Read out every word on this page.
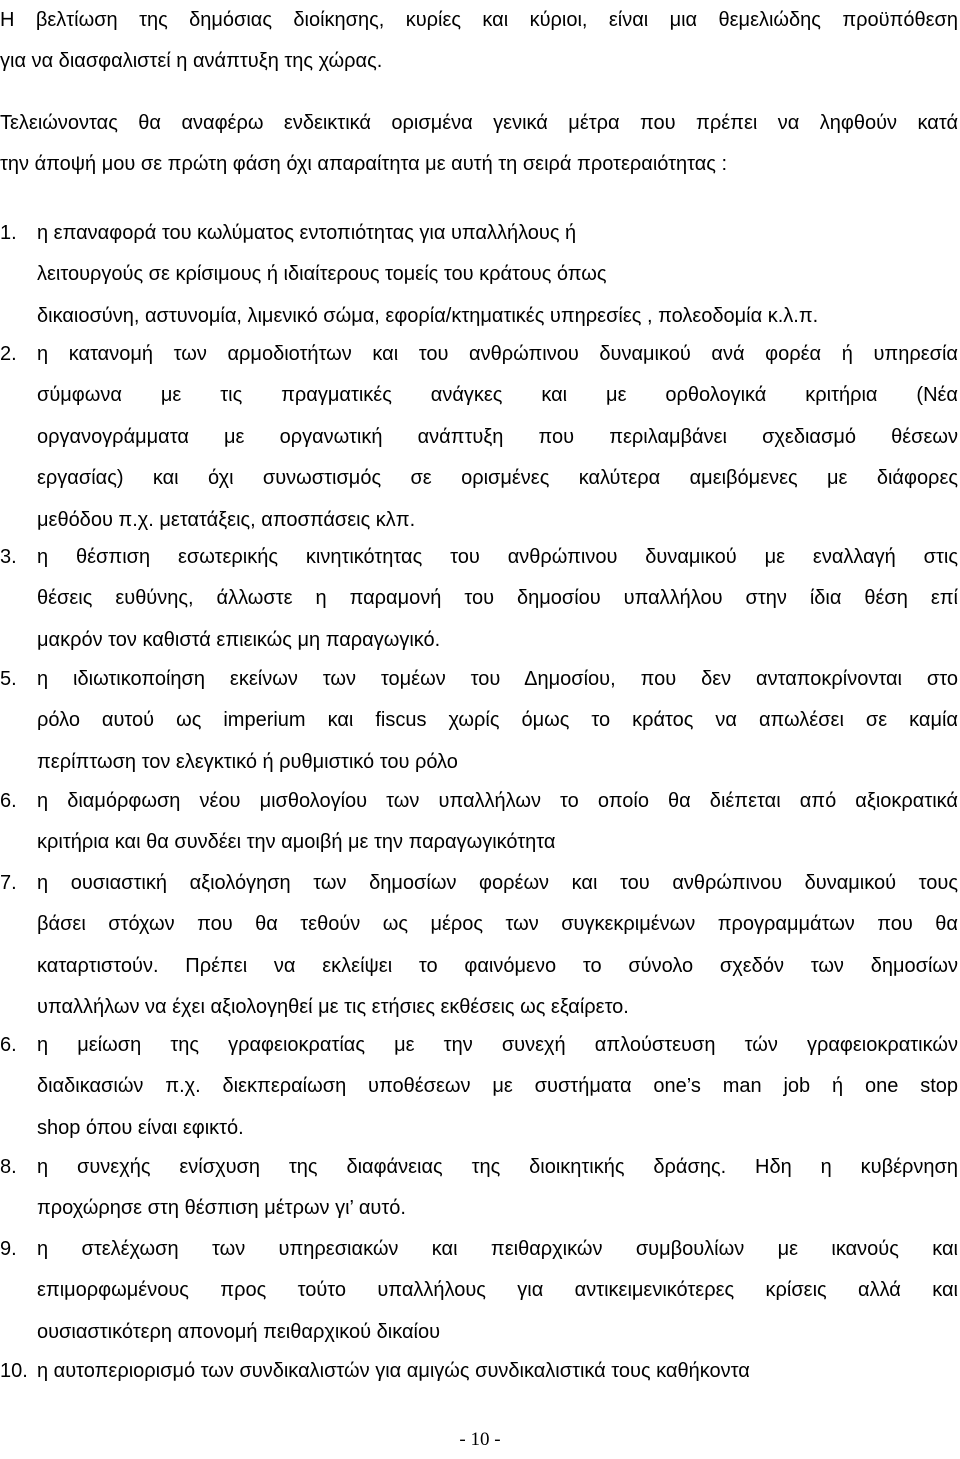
Η βελτίωση της δημόσιας διοίκησης, κυρίες και κύριοι, είναι μια θεμελιώδης προϋπόθεση
για να διασφαλιστεί η ανάπτυξη της χώρας.
Τελειώνοντας θα αναφέρω ενδεικτικά ορισμένα γενικά μέτρα που πρέπει να ληφθούν κατά
την άποψή μου σε πρώτη φάση όχι απαραίτητα με αυτή τη σειρά προτεραιότητας :
1. η επαναφορά του κωλύματος εντοπιότητας για υπαλλήλους ή
λειτουργούς σε κρίσιμους ή ιδιαίτερους τομείς του κράτους όπως
δικαιοσύνη, αστυνομία, λιμενικό σώμα, εφορία/κτηματικές υπηρεσίες , πολεοδομία κ.λ.π.
2. η κατανομή των αρμοδιοτήτων και του ανθρώπινου δυναμικού ανά φορέα ή υπηρεσία
σύμφωνα με τις πραγματικές ανάγκες και με ορθολογικά κριτήρια (Νέα
οργανογράμματα με οργανωτική ανάπτυξη που περιλαμβάνει σχεδιασμό θέσεων
εργασίας) και όχι συνωστισμός σε ορισμένες καλύτερα αμειβόμενες με διάφορες
μεθόδου π.χ. μετατάξεις, αποσπάσεις κλπ.
3. η θέσπιση εσωτερικής κινητικότητας του ανθρώπινου δυναμικού με εναλλαγή στις
θέσεις ευθύνης, άλλωστε η παραμονή του δημοσίου υπαλλήλου στην ίδια θέση επί
μακρόν τον καθιστά επιεικώς μη παραγωγικό.
5. η ιδιωτικοποίηση εκείνων των τομέων του Δημοσίου, που δεν ανταποκρίνονται στο
ρόλο αυτού ως imperium και fiscus χωρίς όμως το κράτος να απωλέσει σε καμία
περίπτωση τον ελεγκτικό ή ρυθμιστικό του ρόλο
6. η διαμόρφωση νέου μισθολογίου των υπαλλήλων το οποίο θα διέπεται από αξιοκρατικά
κριτήρια και θα συνδέει την αμοιβή με την παραγωγικότητα
7. η ουσιαστική αξιολόγηση των δημοσίων φορέων και του ανθρώπινου δυναμικού τους
βάσει στόχων που θα τεθούν ως μέρος των συγκεκριμένων προγραμμάτων που θα
καταρτιστούν. Πρέπει να εκλείψει το φαινόμενο το σύνολο σχεδόν των δημοσίων
υπαλλήλων να έχει αξιολογηθεί με τις ετήσιες εκθέσεις ως εξαίρετο.
6. η μείωση της γραφειοκρατίας με την συνεχή απλούστευση τών γραφειοκρατικών
διαδικασιών π.χ. διεκπεραίωση υποθέσεων με συστήματα one’s man job ή one stop
shop όπου είναι εφικτό.
8. η συνεχής ενίσχυση της διαφάνειας της διοικητικής δράσης. Ηδη η κυβέρνηση
προχώρησε στη θέσπιση μέτρων γι’ αυτό.
9. η στελέχωση των υπηρεσιακών και πειθαρχικών συμβουλίων με ικανούς και
επιμορφωμένους προς τούτο υπαλλήλους για αντικειμενικότερες κρίσεις αλλά και
ουσιαστικότερη απονομή πειθαρχικού δικαίου
10. η αυτοπεριορισμό των συνδικαλιστών για αμιγώς συνδικαλιστικά τους καθήκοντα
- 10 -
